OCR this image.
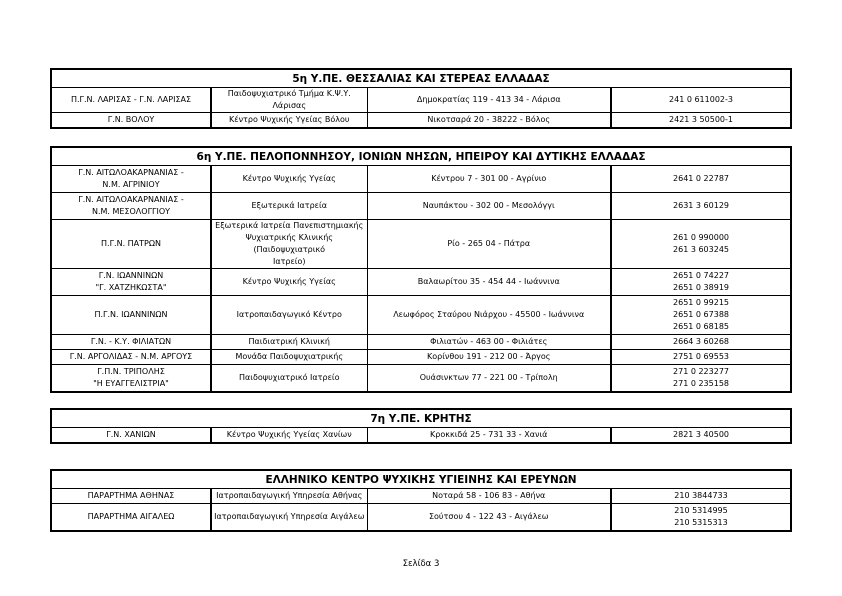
5η Υ.ΠΕ. ΘΕΣΣΑΛΙΑΣ ΚΑΙ ΣΤΕΡΕΑΣ ΕΛΛΑΔΑΣ			

Π.Γ.Ν. ΛΑΡΙΣΑΣ - Γ.Ν. ΛΑΡΙΣΑΣ	Παιδοψυχιατρικό Τμήμα Κ.Ψ.Υ. Λάρισας	Δημοκρατίας 119 - 413 34 - Λάρισα	241 0 611002-3

Γ.Ν. ΒΟΛΟΥ	Κέντρο Ψυχικής Υγείας Βόλου	Νικοτσαρά 20 - 38222 - Βόλος	2421 3 50500-1
6η Υ.ΠΕ. ΠΕΛΟΠΟΝΝΗΣΟΥ, ΙΟΝΙΩΝ ΝΗΣΩΝ, ΗΠΕΙΡΟΥ ΚΑΙ ΔΥΤΙΚΗΣ ΕΛΛΑΔΑΣ			

Γ.Ν. ΑΙΤΩΛΟΑΚΑΡΝΑΝΙΑΣ -
Ν.Μ. ΑΓΡΙΝΙΟΥ	Κέντρο Ψυχικής Υγείας	Κέντρου 7 - 301 00 - Αγρίνιο	2641 0 22787

Γ.Ν. ΑΙΤΩΛΟΑΚΑΡΝΑΝΙΑΣ -
Ν.Μ. ΜΕΣΟΛΟΓΓΙΟΥ	Εξωτερικά Ιατρεία	Ναυπάκτου - 302 00 - Μεσολόγγι	2631 3 60129

Π.Γ.Ν. ΠΑΤΡΩΝ	Εξωτερικά Ιατρεία Πανεπιστημιακής
Ψυχιατρικής Κλινικής (Παιδοψυχιατρικό
Ιατρείο)	Ρίο - 265 04 - Πάτρα	261 0 990000
261 3 603245

Γ.Ν. ΙΩΑΝΝΙΝΩΝ
"Γ. ΧΑΤΖΗΚΩΣΤΑ"	Κέντρο Ψυχικής Υγείας	Βαλαωρίτου 35 - 454 44 - Ιωάννινα	2651 0 74227
2651 0 38919

Π.Γ.Ν. ΙΩΑΝΝΙΝΩΝ	Ιατροπαιδαγωγικό Κέντρο	Λεωφόρος Σταύρου Νιάρχου - 45500 - Ιωάννινα	2651 0 99215
2651 0 67388
2651 0 68185

Γ.Ν. - Κ.Υ. ΦΙΛΙΑΤΩΝ	Παιδιατρική Κλινική	Φιλιατών - 463 00 - Φιλιάτες	2664 3 60268

Γ.Ν. ΑΡΓΟΛΙΔΑΣ - Ν.Μ. ΑΡΓΟΥΣ	Μονάδα Παιδοψυχιατρικής	Κορίνθου 191 - 212 00 - Άργος	2751 0 69553

Γ.Π.Ν. ΤΡΙΠΟΛΗΣ
"Η ΕΥΑΓΓΕΛΙΣΤΡΙΑ"	Παιδοψυχιατρικό Ιατρείο	Ουάσινκτων 77 - 221 00 - Τρίπολη	271 0 223277
271 0 235158
7η Υ.ΠΕ. ΚΡΗΤΗΣ

Γ.Ν. ΧΑΝΙΩΝ	Κέντρο Ψυχικής Υγείας Χανίων	Κροκκιδά 25 - 731 33 - Χανιά	2821 3 40500
ΕΛΛΗΝΙΚΟ ΚΕΝΤΡΟ ΨΥΧΙΚΗΣ ΥΓΙΕΙΝΗΣ ΚΑΙ ΕΡΕΥΝΩΝ			

ΠΑΡΑΡΤΗΜΑ ΑΘΗΝΑΣ	Ιατροπαιδαγωγική Υπηρεσία Αθήνας	Νοταρά 58 - 106 83 - Αθήνα	210 3844733

ΠΑΡΑΡΤΗΜΑ ΑΙΓΑΛΕΩ	Ιατροπαιδαγωγική Υπηρεσία Αιγάλεω	Σούτσου 4 - 122 43 - Αιγάλεω	210 5314995
210 5315313
Σελίδα 3
